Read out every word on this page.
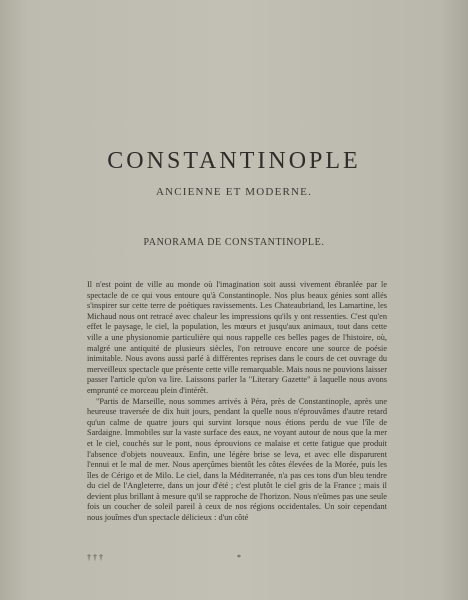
CONSTANTINOPLE
ANCIENNE ET MODERNE.
PANORAMA DE CONSTANTINOPLE.

Il n'est point de ville au monde où l'imagination soit aussi vivement ébranlée par le spectacle de ce qui vous entoure qu'à Constantinople. Nos plus beaux génies sont allés s'inspirer sur cette terre de poétiques ravissements. Les Chateaubriand, les Lamartine, les Michaud nous ont retracé avec chaleur les impressions qu'ils y ont ressenties. C'est qu'en effet le paysage, le ciel, la population, les mœurs et jusqu'aux animaux, tout dans cette ville a une physionomie particulière qui nous rappelle ces belles pages de l'histoire, où, malgré une antiquité de plusieurs siècles, l'on retrouve encore une source de poésie inimitable. Nous avons aussi parlé à différentes reprises dans le cours de cet ouvrage du merveilleux spectacle que présente cette ville remarquable. Mais nous ne pouvions laisser passer l'article qu'on va lire. Laissons parler la "Literary Gazette" à laquelle nous avons emprunté ce morceau plein d'intérêt.

"Partis de Marseille, nous sommes arrivés à Péra, près de Constantinople, après une heureuse traversée de dix huit jours, pendant la quelle nous n'éprouvâmes d'autre retard qu'un calme de quatre jours qui survint lorsque nous étions perdu de vue l'île de Sardaigne. Immobiles sur la vaste surface des eaux, ne voyant autour de nous que la mer et le ciel, couchés sur le pont, nous éprouvions ce malaise et cette fatigue que produit l'absence d'objets nouveaux. Enfin, une légère brise se leva, et avec elle disparurent l'ennui et le mal de mer. Nous aperçûmes bientôt les côtes élevées de la Morée, puis les îles de Cérigo et de Milo. Le ciel, dans la Méditerranée, n'a pas ces tons d'un bleu tendre du ciel de l'Angleterre, dans un jour d'été ; c'est plutôt le ciel gris de la France ; mais il devient plus brillant à mesure qu'il se rapproche de l'horizon. Nous n'eûmes pas une seule fois un coucher de soleil pareil à ceux de nos régions occidentales. Un soir cependant nous jouîmes d'un spectacle délicieux : d'un côté

† † †	*
